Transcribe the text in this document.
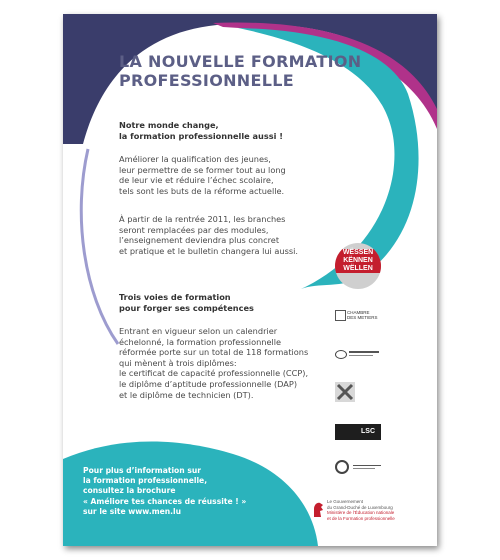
LA NOUVELLE FORMATION
PROFESSIONNELLE
Notre monde change,
la formation professionnelle aussi !
Améliorer la qualification des jeunes,
leur permettre de se former tout au long
de leur vie et réduire l’échec scolaire,
tels sont les buts de la réforme actuelle.
À partir de la rentrée 2011, les branches
seront remplacées par des modules,
l’enseignement deviendra plus concret
et pratique et le bulletin changera lui aussi.
Trois voies de formation
pour forger ses compétences
Entrant en vigueur selon un calendrier
échelonné, la formation professionnelle
réformée porte sur un total de 118 formations
qui mènent à trois diplômes:
le certificat de capacité professionnelle (CCP),
le diplôme d’aptitude professionnelle (DAP)
et le diplôme de technicien (DT).
Pour plus d’information sur
la formation professionnelle,
consultez la brochure
« Améliore tes chances de réussite ! »
sur le site www.men.lu
WËSSEN
KËNNEN
WËLLEN
CHAMBRE
DES METIERS
LSC
Le Gouvernement
du Grand-Duché de Luxembourg
Ministère de l’Éducation nationale
et de la Formation professionnelle
